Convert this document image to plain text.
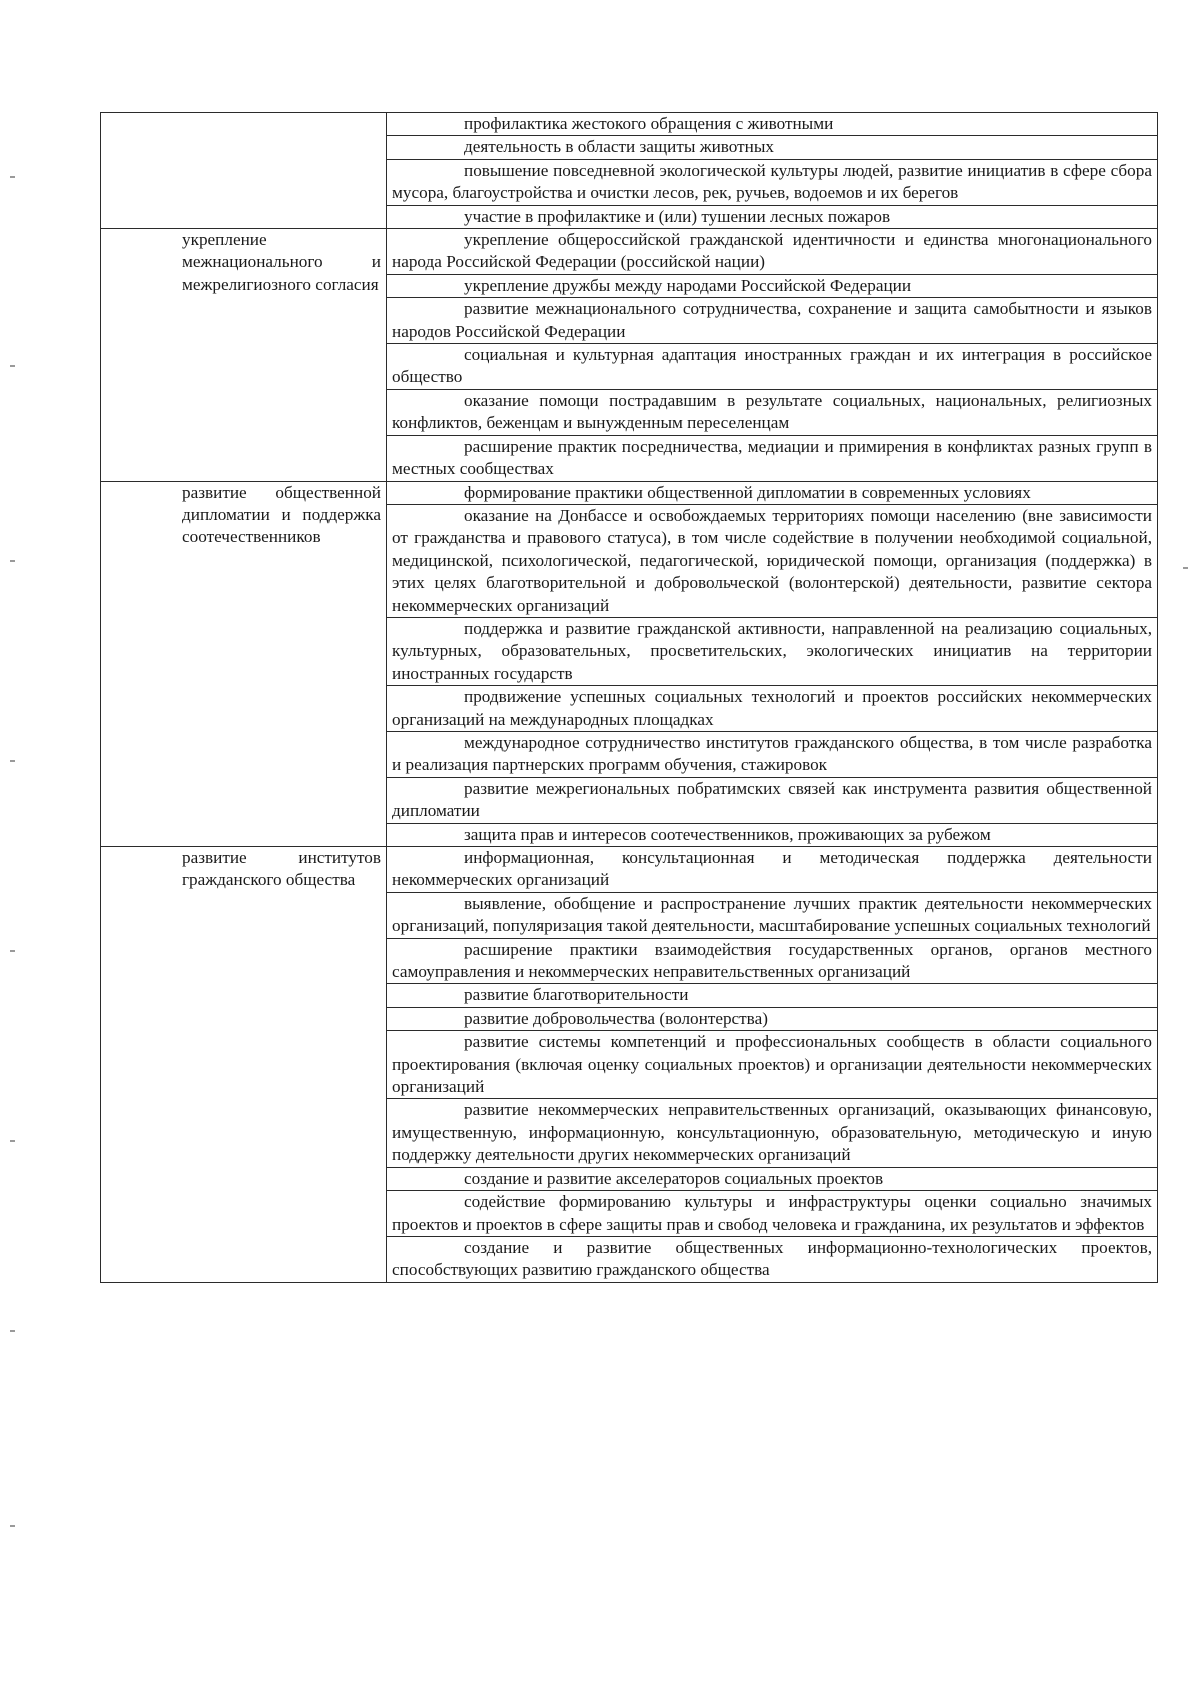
	профилактика жестокого обращения с животными

	деятельность в области защиты животных

	повышение повседневной экологической культуры людей, развитие инициатив в сфере сбора мусора, благоустройства и очистки лесов, рек, ручьев, водоемов и их берегов

	участие в профилактике и (или) тушении лесных пожаров

укрепление межнационального и межрелигиозного согласия	укрепление общероссийской гражданской идентичности и единства многонационального народа Российской Федерации (российской нации)

	укрепление дружбы между народами Российской Федерации

	развитие межнационального сотрудничества, сохранение и защита самобытности и языков народов Российской Федерации

	социальная и культурная адаптация иностранных граждан и их интеграция в российское общество

	оказание помощи пострадавшим в результате социальных, национальных, религиозных конфликтов, беженцам и вынужденным переселенцам

	расширение практик посредничества, медиации и примирения в конфликтах разных групп в местных сообществах

развитие общественной дипломатии и поддержка соотечественников	формирование практики общественной дипломатии в современных условиях

	оказание на Донбассе и освобождаемых территориях помощи населению (вне зависимости от гражданства и правового статуса), в том числе содействие в получении необходимой социальной, медицинской, психологической, педагогической, юридической помощи, организация (поддержка) в этих целях благотворительной и добровольческой (волонтерской) деятельности, развитие сектора некоммерческих организаций

	поддержка и развитие гражданской активности, направленной на реализацию социальных, культурных, образовательных, просветительских, экологических инициатив на территории иностранных государств

	продвижение успешных социальных технологий и проектов российских некоммерческих организаций на международных площадках

	международное сотрудничество институтов гражданского общества, в том числе разработка и реализация партнерских программ обучения, стажировок

	развитие межрегиональных побратимских связей как инструмента развития общественной дипломатии

	защита прав и интересов соотечественников, проживающих за рубежом

развитие институтов гражданского общества	информационная, консультационная и методическая поддержка деятельности некоммерческих организаций

	выявление, обобщение и распространение лучших практик деятельности некоммерческих организаций, популяризация такой деятельности, масштабирование успешных социальных технологий

	расширение практики взаимодействия государственных органов, органов местного самоуправления и некоммерческих неправительственных организаций

	развитие благотворительности

	развитие добровольчества (волонтерства)

	развитие системы компетенций и профессиональных сообществ в области социального проектирования (включая оценку социальных проектов) и организации деятельности некоммерческих организаций

	развитие некоммерческих неправительственных организаций, оказывающих финансовую, имущественную, информационную, консультационную, образовательную, методическую и иную поддержку деятельности других некоммерческих организаций

	создание и развитие акселераторов социальных проектов

	содействие формированию культуры и инфраструктуры оценки социально значимых проектов и проектов в сфере защиты прав и свобод человека и гражданина, их результатов и эффектов

	создание и развитие общественных информационно-технологических проектов, способствующих развитию гражданского общества
